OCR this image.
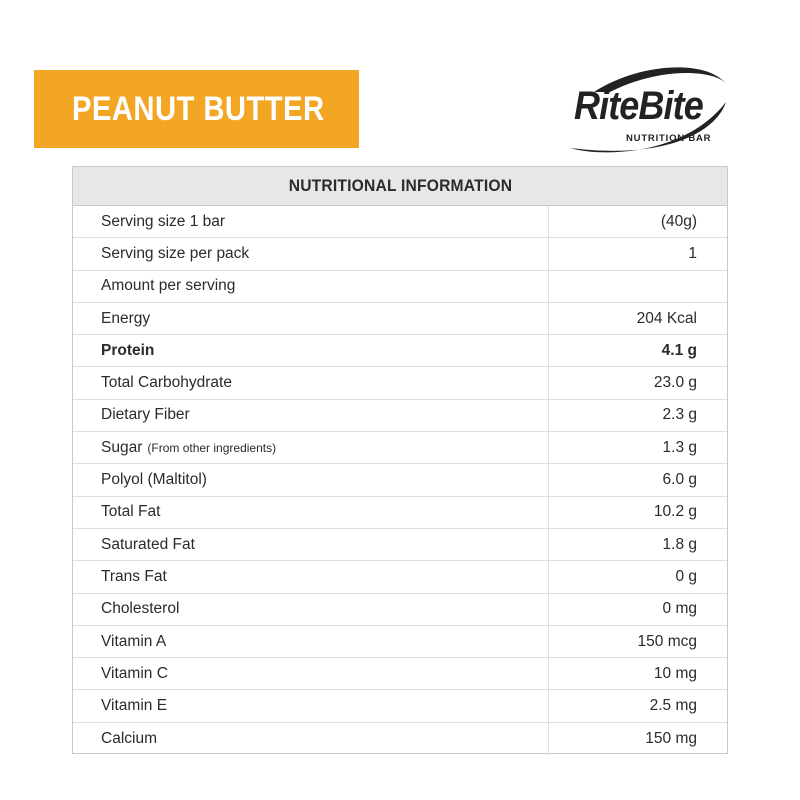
PEANUT BUTTER	RiteBite
NUTRITION BAR
NUTRITIONAL INFORMATION
Serving size 1 bar	(40g)
Serving size per pack	1
Amount per serving
Energy	204 Kcal
Protein	4.1 g
Total Carbohydrate	23.0 g
Dietary Fiber	2.3 g
Sugar (From other ingredients)	1.3 g
Polyol (Maltitol)	6.0 g
Total Fat	10.2 g
Saturated Fat	1.8 g
Trans Fat	0 g
Cholesterol	0 mg
Vitamin A	150 mcg
Vitamin C	10 mg
Vitamin E	2.5 mg
Calcium	150 mg
